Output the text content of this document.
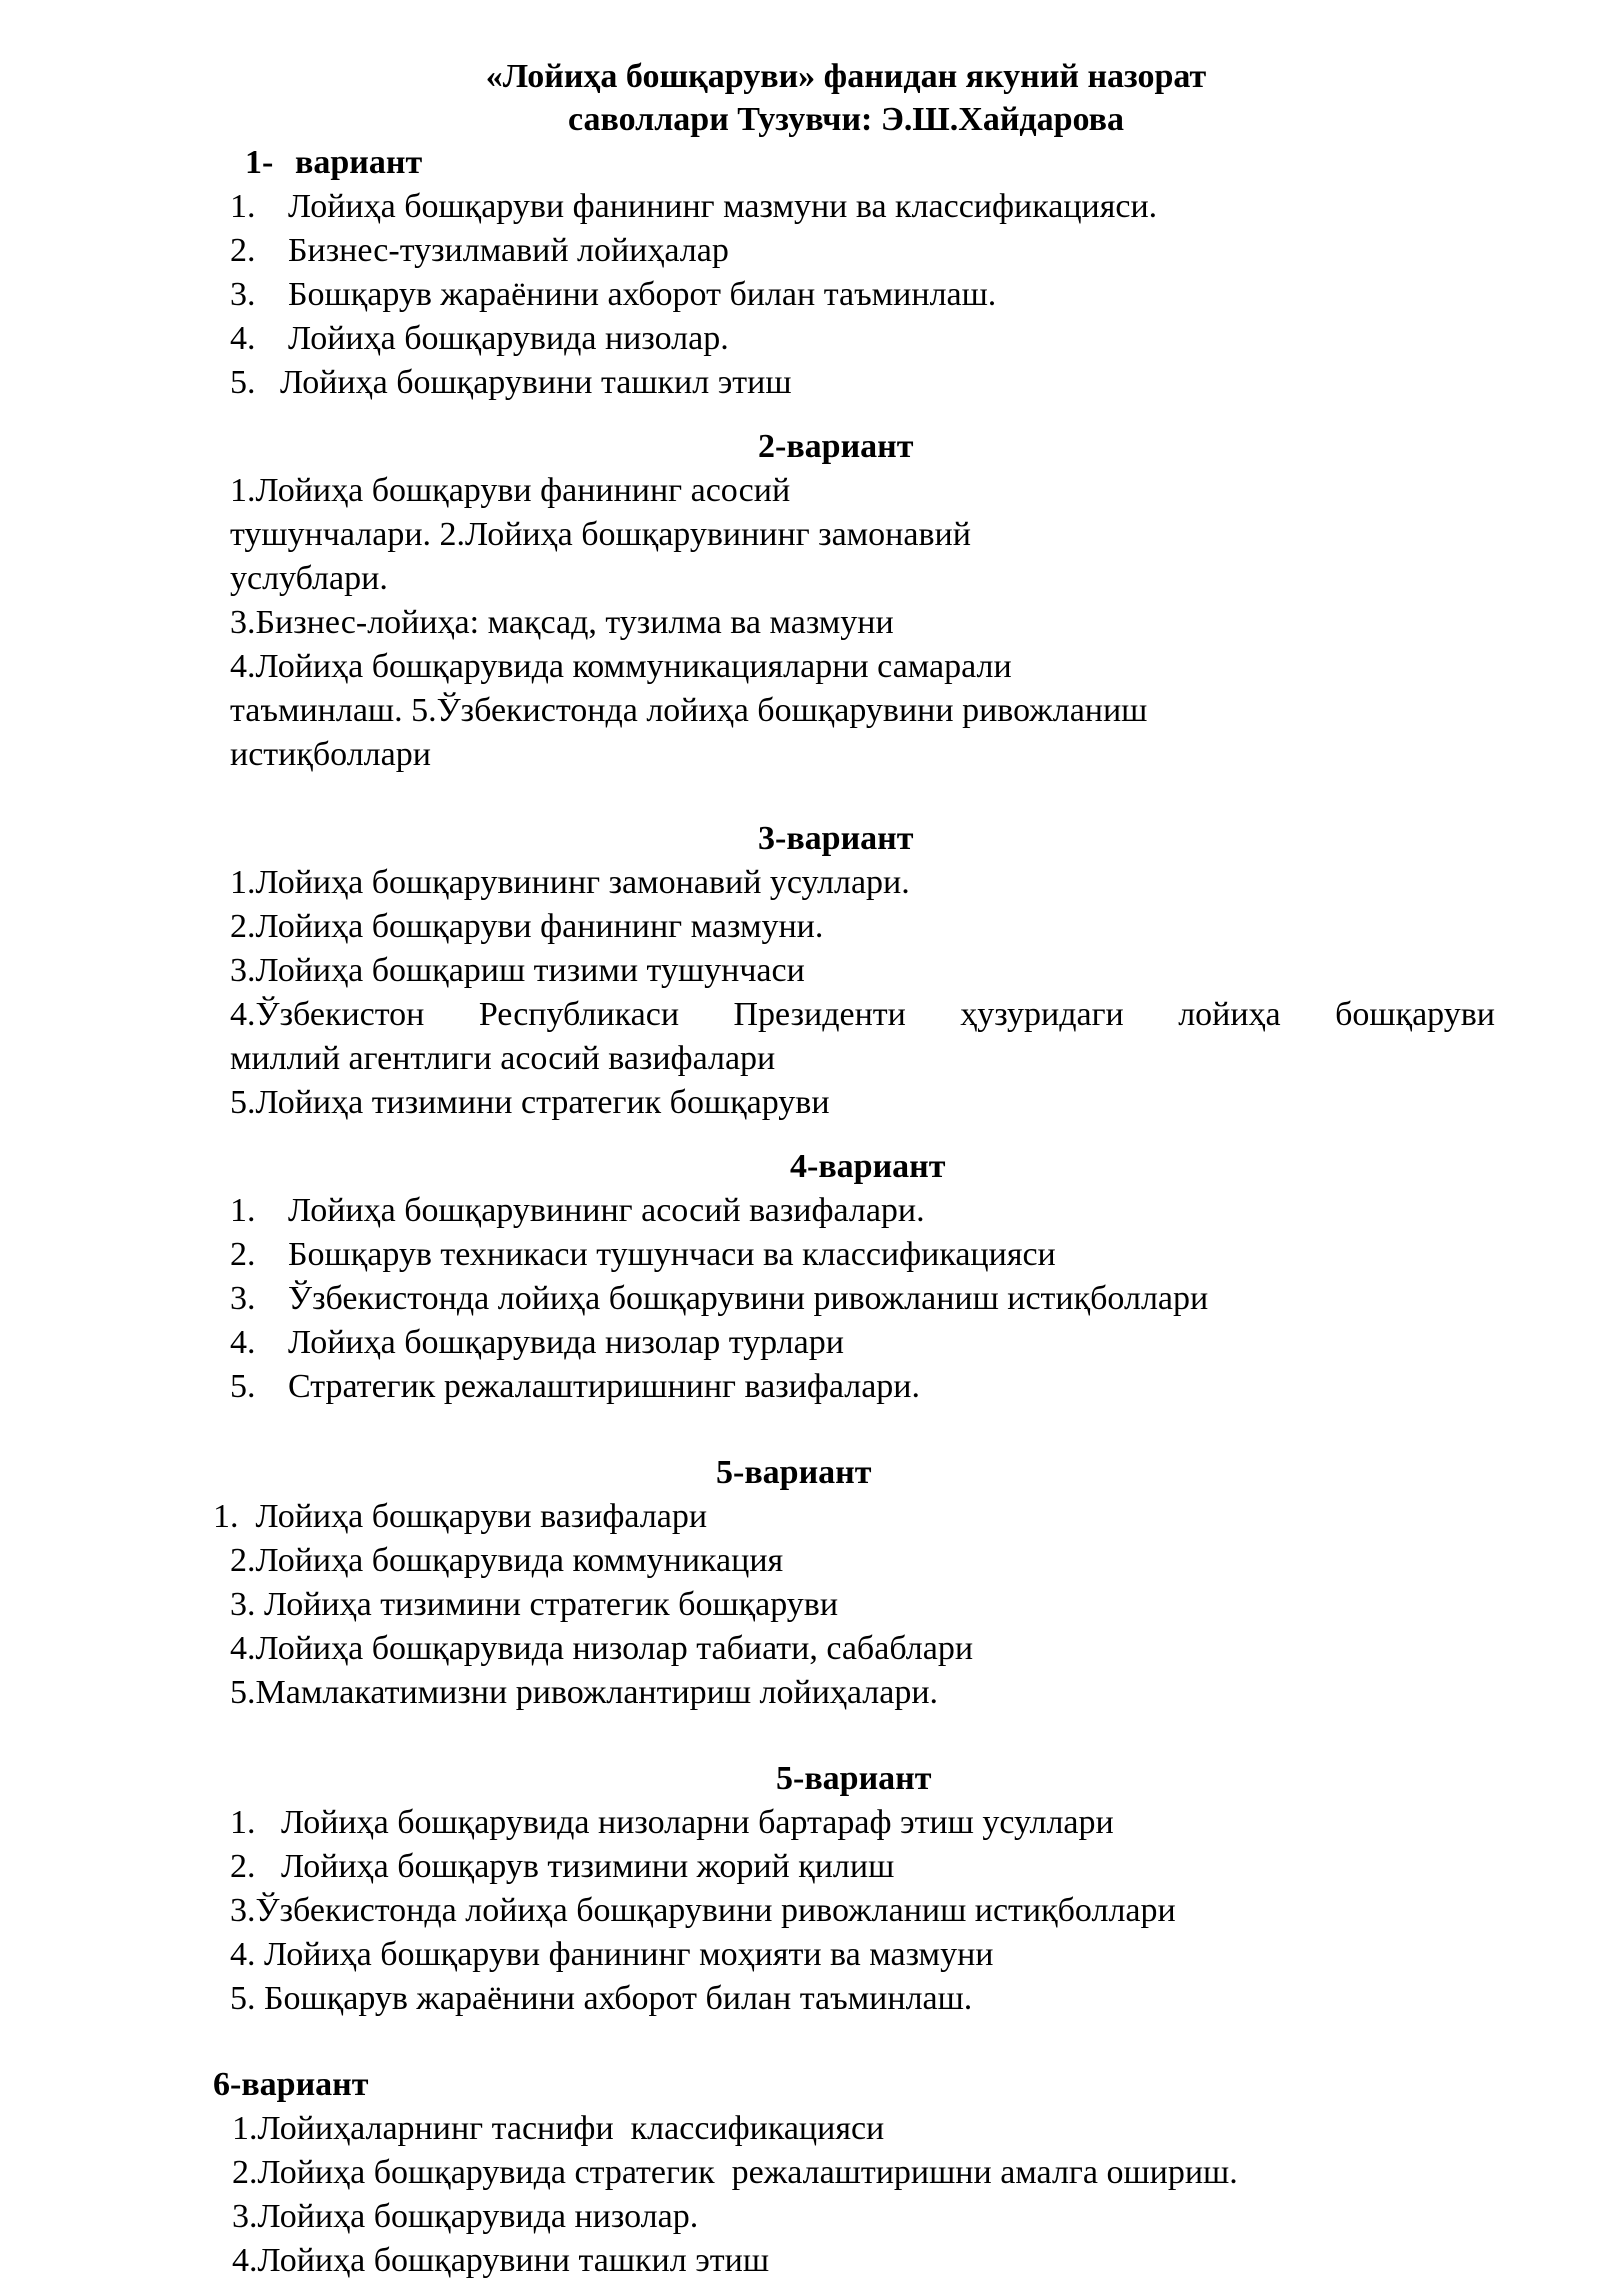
«Лойиҳа бошқаруви» фанидан якуний назорат
саволлари Тузувчи: Э.Ш.Хайдарова
1- вариант
1. Лойиҳа бошқаруви фанининг мазмуни ва классификацияси.
2. Бизнес-тузилмавий лойиҳалар
3. Бошқарув жараёнини ахборот билан таъминлаш.
4. Лойиҳа бошқарувида низолар.
5. Лойиҳа бошқарувини ташкил этиш
2-вариант
1.Лойиҳа бошқаруви фанининг асосий
тушунчалари. 2.Лойиҳа бошқарувининг замонавий
услублари.
3.Бизнес-лойиҳа: мақсад, тузилма ва мазмуни
4.Лойиҳа бошқарувида коммуникацияларни самарали
таъминлаш. 5.Ўзбекистонда лойиҳа бошқарувини ривожланиш
истиқболлари
3-вариант
1.Лойиҳа бошқарувининг замонавий усуллари.
2.Лойиҳа бошқаруви фанининг мазмуни.
3.Лойиҳа бошқариш тизими тушунчаси
4.Ўзбекистон Республикаси Президенти ҳузуридаги лойиҳа бошқаруви
миллий агентлиги асосий вазифалари
5.Лойиҳа тизимини стратегик бошқаруви
4-вариант
1. Лойиҳа бошқарувининг асосий вазифалари.
2. Бошқарув техникаси тушунчаси ва классификацияси
3. Ўзбекистонда лойиҳа бошқарувини ривожланиш истиқболлари
4. Лойиҳа бошқарувида низолар турлари
5. Стратегик режалаштиришнинг вазифалари.
5-вариант
1.  Лойиҳа бошқаруви вазифалари
2.Лойиҳа бошқарувида коммуникация
3. Лойиҳа тизимини стратегик бошқаруви
4.Лойиҳа бошқарувида низолар табиати, сабаблари
5.Мамлакатимизни ривожлантириш лойиҳалари.
5-вариант
1.   Лойиҳа бошқарувида низоларни бартараф этиш усуллари
2.   Лойиҳа бошқарув тизимини жорий қилиш
3.Ўзбекистонда лойиҳа бошқарувини ривожланиш истиқболлари
4. Лойиҳа бошқаруви фанининг моҳияти ва мазмуни
5. Бошқарув жараёнини ахборот билан таъминлаш.
6-вариант
1.Лойиҳаларнинг таснифи  классификацияси
2.Лойиҳа бошқарувида стратегик  режалаштиришни амалга ошириш.
3.Лойиҳа бошқарувида низолар.
4.Лойиҳа бошқарувини ташкил этиш
